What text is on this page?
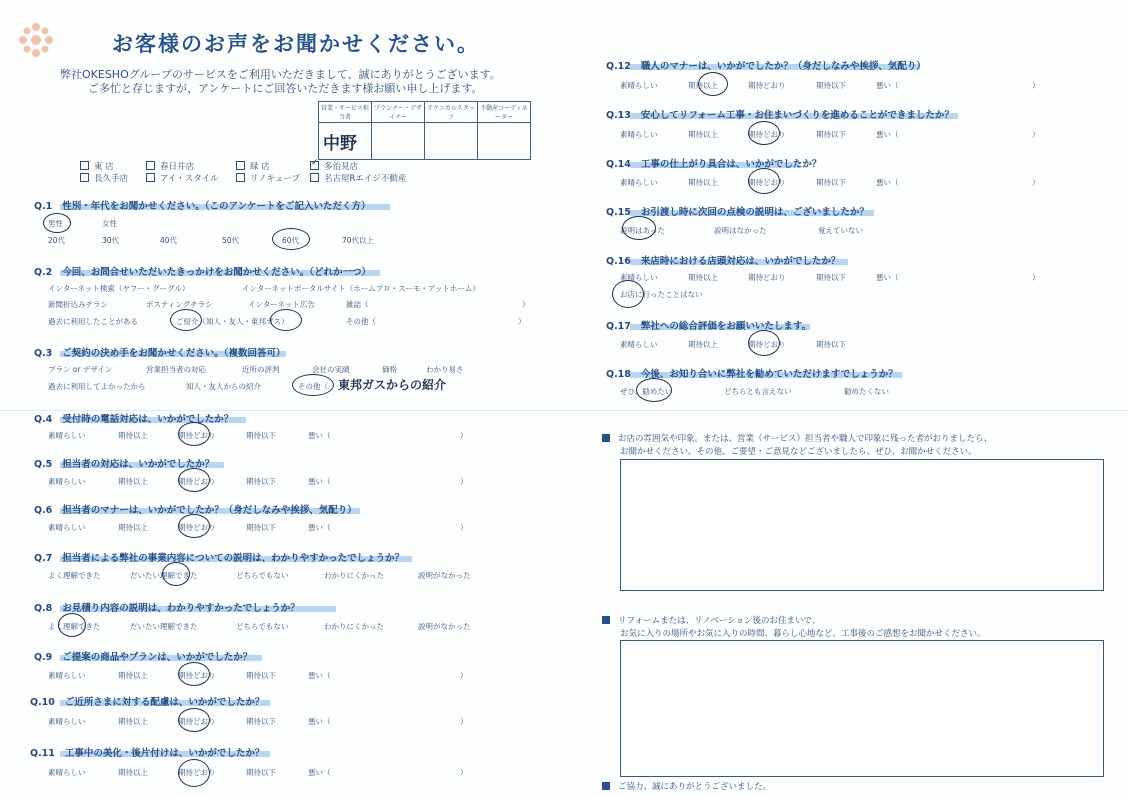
お客様のお声をお聞かせください。
弊社OKESHOグループのサービスをご利用いただきまして、誠にありがとうございます。
ご多忙と存じますが、アンケートにご回答いただきます様お願い申し上げます。
営業・サービス担当者	プランナー・デザイナー	テクニカルスタッフ	不動産コーディネーター

中野			

東 店	春日井店	緑 店	✓ 多治見店
長久手店	アイ・スタイル	リノキューブ	名古屋Rエイジ不動産
Q.1 性別・年代をお聞かせください。（このアンケートをご記入いただく方）
男性	女性
20代	30代	40代	50代	60代	70代以上
Q.2 今回、お問合せいただいたきっかけをお聞かせください。（どれか一つ）
インターネット検索（ヤフー・グーグル）	インターネットポータルサイト（ホームプロ・スーモ・アットホーム）
新聞折込みチラシ	ポスティングチラシ	インターネット広告	雑誌（	）
過去に利用したことがある	ご紹介（知人・友人・東邦ガス）	その他（	）
Q.3 ご契約の決め手をお聞かせください。（複数回答可）
プラン or デザイン	営業担当者の対応	近所の評判	会社の実績	価格	わかり易さ
過去に利用してよかったから	知人・友人からの紹介	その他（ 東邦ガスからの紹介
Q.4 受付時の電話対応は、いかがでしたか？
素晴らしい	期待以上	期待どおり	期待以下	悪い（	）
Q.5 担当者の対応は、いかがでしたか？
素晴らしい	期待以上	期待どおり	期待以下	悪い（	）
Q.6 担当者のマナーは、いかがでしたか？（身だしなみや挨拶、気配り）
素晴らしい	期待以上	期待どおり	期待以下	悪い（	）
Q.7 担当者による弊社の事業内容についての説明は、わかりやすかったでしょうか？
よく理解できた	だいたい理解できた	どちらでもない	わかりにくかった	説明がなかった
Q.8 お見積り内容の説明は、わかりやすかったでしょうか？
よく理解できた	だいたい理解できた	どちらでもない	わかりにくかった	説明がなかった
Q.9 ご提案の商品やプランは、いかがでしたか？
素晴らしい	期待以上	期待どおり	期待以下	悪い（	）
Q.10 ご近所さまに対する配慮は、いかがでしたか？
素晴らしい	期待以上	期待どおり	期待以下	悪い（	）
Q.11 工事中の美化・後片付けは、いかがでしたか？
素晴らしい	期待以上	期待どおり	期待以下	悪い（	）
Q.12 職人のマナーは、いかがでしたか？（身だしなみや挨拶、気配り）
素晴らしい	期待以上	期待どおり	期待以下	悪い（	）
Q.13 安心してリフォーム工事・お住まいづくりを進めることができましたか？
素晴らしい	期待以上	期待どおり	期待以下	悪い（	）
Q.14 工事の仕上がり具合は、いかがでしたか？
素晴らしい	期待以上	期待どおり	期待以下	悪い（	）
Q.15 お引渡し時に次回の点検の説明は、ございましたか？
説明はあった	説明はなかった	覚えていない
Q.16 来店時における店頭対応は、いかがでしたか？
素晴らしい	期待以上	期待どおり	期待以下	悪い（	）
お店に行ったことはない
Q.17 弊社への総合評価をお願いいたします。
素晴らしい	期待以上	期待どおり	期待以下
Q.18 今後、お知り合いに弊社を勧めていただけますでしょうか？
ぜひ、勧めたい	どちらとも言えない	勧めたくない
お店の雰囲気や印象。または、営業（サービス）担当者や職人で印象に残った者がおりましたら、
お聞かせください。その他、ご要望・ご意見などございましたら、ぜひ、お聞かせください。
リフォームまたは、リノベーション後のお住まいで、
お気に入りの場所やお気に入りの時間、暮らし心地など、工事後のご感想をお聞かせください。
ご協力、誠にありがとうございました。
